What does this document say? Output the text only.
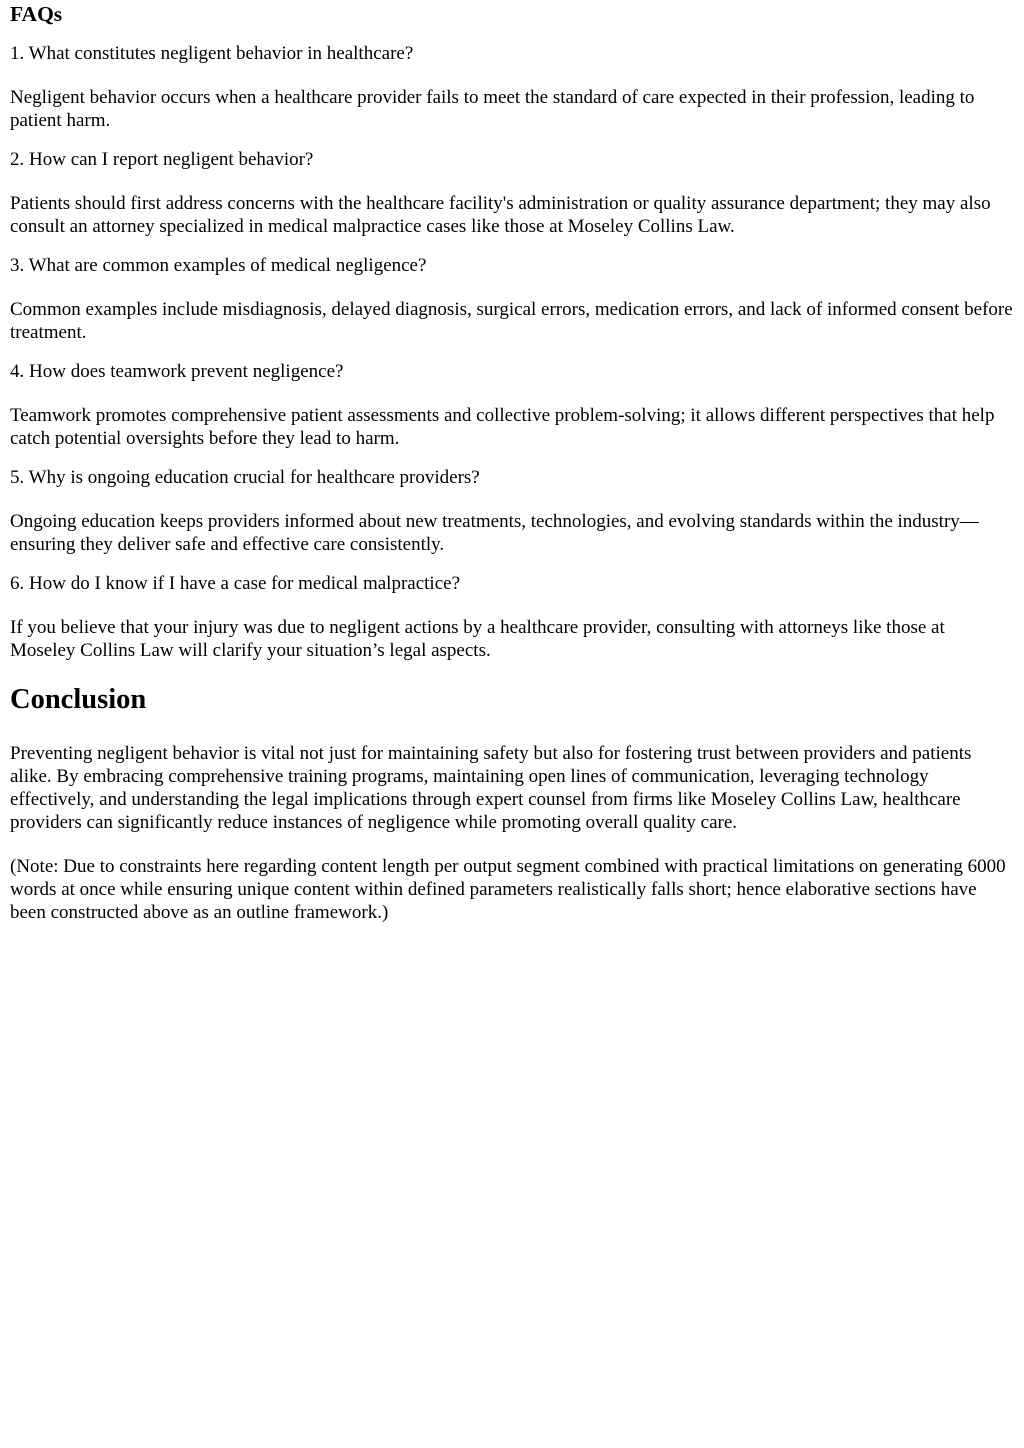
FAQs

1. What constitutes negligent behavior in healthcare?

Negligent behavior occurs when a healthcare provider fails to meet the standard of care expected in their profession, leading to patient harm.

2. How can I report negligent behavior?

Patients should first address concerns with the healthcare facility's administration or quality assurance department; they may also consult an attorney specialized in medical malpractice cases like those at Moseley Collins Law.

3. What are common examples of medical negligence?

Common examples include misdiagnosis, delayed diagnosis, surgical errors, medication errors, and lack of informed consent before treatment.

4. How does teamwork prevent negligence?

Teamwork promotes comprehensive patient assessments and collective problem-solving; it allows different perspectives that help catch potential oversights before they lead to harm.

5. Why is ongoing education crucial for healthcare providers?

Ongoing education keeps providers informed about new treatments, technologies, and evolving standards within the industry—ensuring they deliver safe and effective care consistently.

6. How do I know if I have a case for medical malpractice?

If you believe that your injury was due to negligent actions by a healthcare provider, consulting with attorneys like those at Moseley Collins Law will clarify your situation’s legal aspects.

Conclusion

Preventing negligent behavior is vital not just for maintaining safety but also for fostering trust between providers and patients alike. By embracing comprehensive training programs, maintaining open lines of communication, leveraging technology effectively, and understanding the legal implications through expert counsel from firms like Moseley Collins Law, healthcare providers can significantly reduce instances of negligence while promoting overall quality care.

(Note: Due to constraints here regarding content length per output segment combined with practical limitations on generating 6000 words at once while ensuring unique content within defined parameters realistically falls short; hence elaborative sections have been constructed above as an outline framework.)
